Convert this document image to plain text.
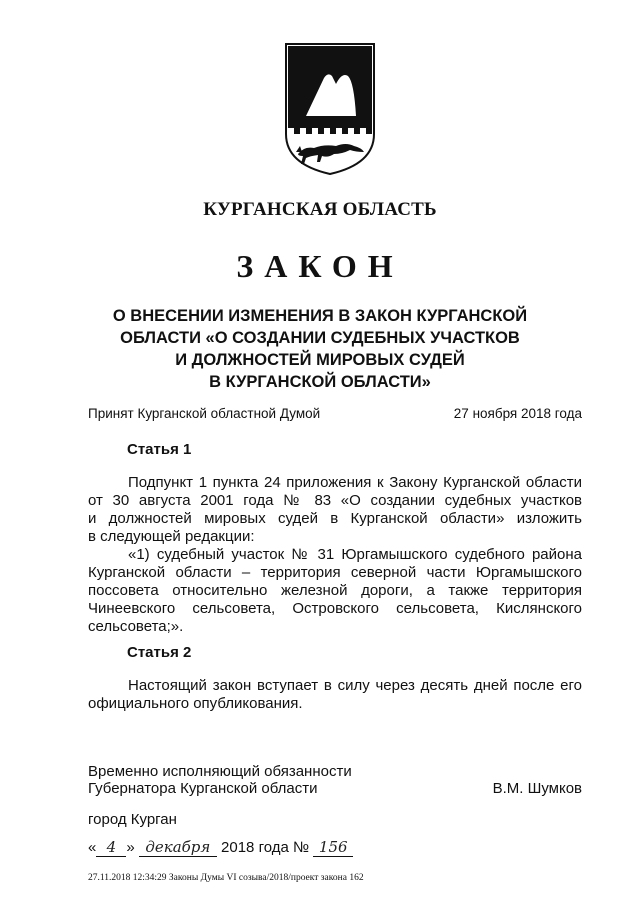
КУРГАНСКАЯ ОБЛАСТЬ
ЗАКОН
О ВНЕСЕНИИ ИЗМЕНЕНИЯ В ЗАКОН КУРГАНСКОЙ
ОБЛАСТИ «О СОЗДАНИИ СУДЕБНЫХ УЧАСТКОВ
И ДОЛЖНОСТЕЙ МИРОВЫХ СУДЕЙ
В КУРГАНСКОЙ ОБЛАСТИ»
Принят Курганской областной Думой	27 ноября 2018 года
Статья 1
Подпункт 1 пункта 24 приложения к Закону Курганской области
от 30 августа 2001 года № 83 «О создании судебных участков
и должностей мировых судей в Курганской области» изложить
в следующей редакции:
«1) судебный участок № 31 Юргамышского судебного района
Курганской области – территория северной части Юргамышского
поссовета относительно железной дороги, а также территория
Чинеевского сельсовета, Островского сельсовета, Кислянского
сельсовета;».
Статья 2
Настоящий закон вступает в силу через десять дней после его
официального опубликования.
Временно исполняющий обязанности
Губернатора Курганской области	В.М. Шумков
город Курган
« 4 » декабря 2018 года № 156
27.11.2018 12:34:29 Законы Думы VI созыва/2018/проект закона 162
